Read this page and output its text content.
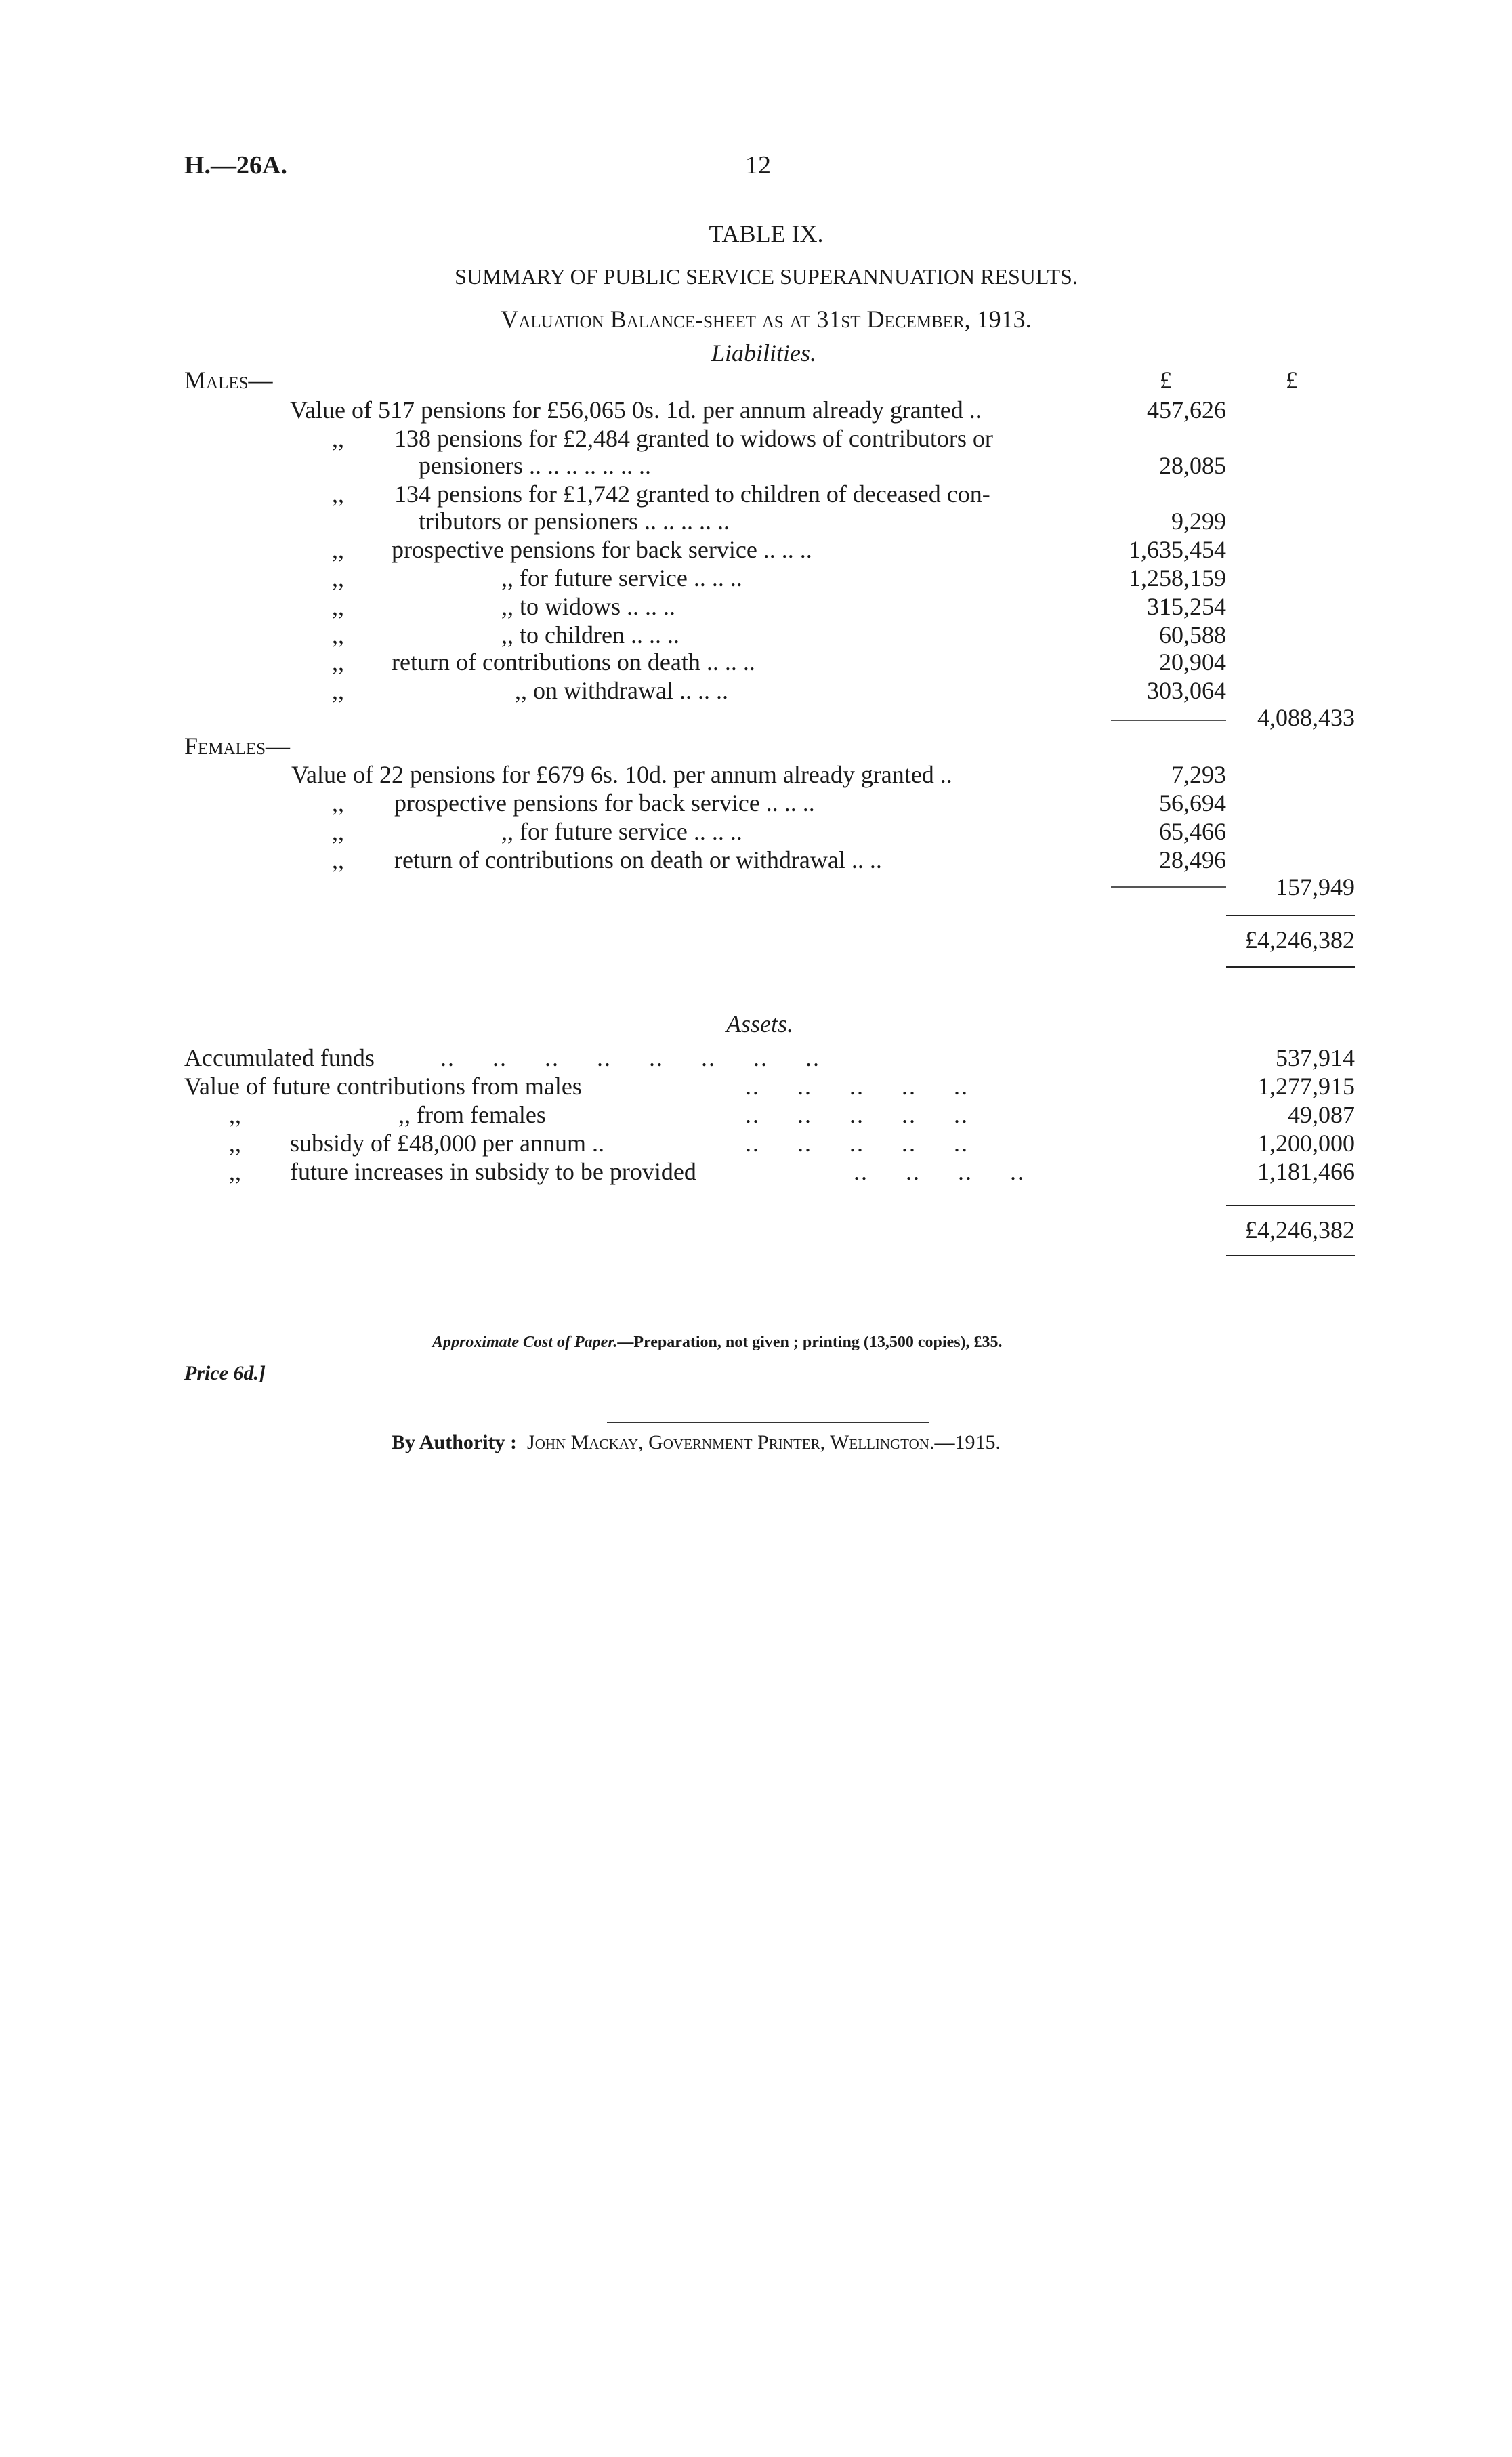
H.—26A.	12
TABLE IX.
SUMMARY OF PUBLIC SERVICE SUPERANNUATION RESULTS.
Valuation Balance-sheet as at 31st December, 1913.
Liabilities.
£	£
Males—
Value of 517 pensions for £56,065 0s. 1d. per annum already granted ..	457,626
,, 138 pensions for £2,484 granted to widows of contributors or
pensioners .. .. .. .. .. .. ..	28,085
,, 134 pensions for £1,742 granted to children of deceased con-
tributors or pensioners .. .. .. .. ..	9,299
,, prospective pensions for back service .. .. ..	1,635,454
,,	,, for future service .. .. ..	1,258,159
,,	,, to widows .. .. ..	315,254
,,	,, to children .. .. ..	60,588
,, return of contributions on death .. .. ..	20,904
,,	,, on withdrawal .. .. ..	303,064
4,088,433
Females—
Value of 22 pensions for £679 6s. 10d. per annum already granted ..	7,293
,, prospective pensions for back service .. .. ..	56,694
,,	,, for future service .. .. ..	65,466
,, return of contributions on death or withdrawal .. ..	28,496
157,949
£4,246,382
Assets.
Accumulated funds	..     ..     ..     ..     ..     ..     ..     ..	537,914
Value of future contributions from males	..     ..     ..     ..     ..	1,277,915
,,	,, from females	..     ..     ..     ..     ..	49,087
,, subsidy of £48,000 per annum ..	..     ..     ..     ..     ..	1,200,000
,, future increases in subsidy to be provided	..     ..     ..     ..	1,181,466
£4,246,382
Approximate Cost of Paper.—Preparation, not given ; printing (13,500 copies), £35.
Price 6d.]
By Authority : John Mackay, Government Printer, Wellington.—1915.
